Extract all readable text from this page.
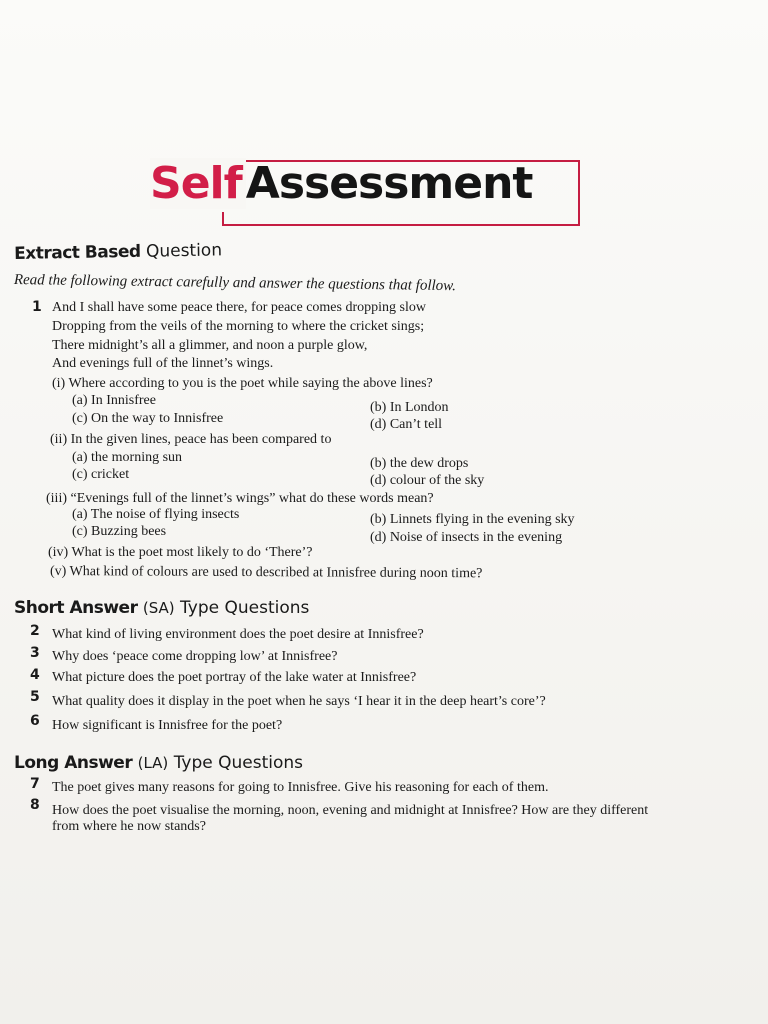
SelfAssessment
Extract Based Question
Read the following extract carefully and answer the questions that follow.
1 And I shall have some peace there, for peace comes dropping slow
Dropping from the veils of the morning to where the cricket sings;
There midnight’s all a glimmer, and noon a purple glow,
And evenings full of the linnet’s wings.
(i) Where according to you is the poet while saying the above lines?
(a) In Innisfree	(b) In London
(c) On the way to Innisfree	(d) Can’t tell
(ii) In the given lines, peace has been compared to
(a) the morning sun	(b) the dew drops
(c) cricket	(d) colour of the sky
(iii) “Evenings full of the linnet’s wings” what do these words mean?
(a) The noise of flying insects	(b) Linnets flying in the evening sky
(c) Buzzing bees	(d) Noise of insects in the evening
(iv) What is the poet most likely to do ‘There’?
(v) What kind of colours are used to described at Innisfree during noon time?
Short Answer (SA) Type Questions
2 What kind of living environment does the poet desire at Innisfree?
3 Why does ‘peace come dropping low’ at Innisfree?
4 What picture does the poet portray of the lake water at Innisfree?
5 What quality does it display in the poet when he says ‘I hear it in the deep heart’s core’?
6 How significant is Innisfree for the poet?
Long Answer (LA) Type Questions
7 The poet gives many reasons for going to Innisfree. Give his reasoning for each of them.
8 How does the poet visualise the morning, noon, evening and midnight at Innisfree? How are they different
from where he now stands?
